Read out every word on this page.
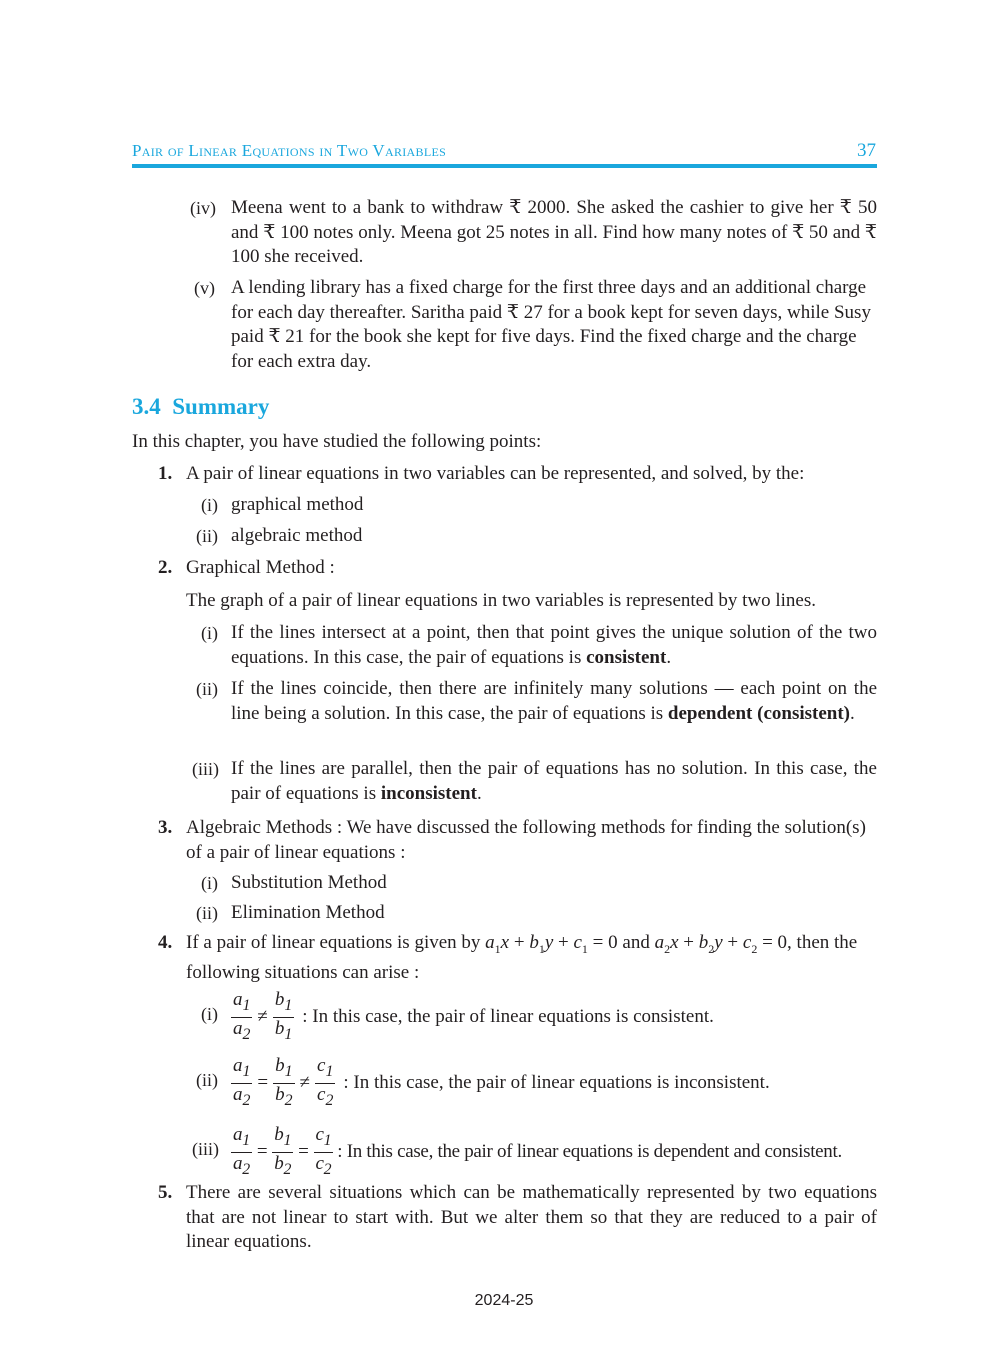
Pair of Linear Equations in Two Variables	37
(iv) Meena went to a bank to withdraw ₹ 2000. She asked the cashier to give her ₹ 50 and ₹ 100 notes only. Meena got 25 notes in all. Find how many notes of ₹ 50 and ₹ 100 she received.
(v) A lending library has a fixed charge for the first three days and an additional charge for each day thereafter. Saritha paid ₹ 27 for a book kept for seven days, while Susy paid ₹ 21 for the book she kept for five days. Find the fixed charge and the charge for each extra day.
3.4 Summary
In this chapter, you have studied the following points:
1. A pair of linear equations in two variables can be represented, and solved, by the:
(i) graphical method
(ii) algebraic method
2. Graphical Method :
The graph of a pair of linear equations in two variables is represented by two lines.
(i) If the lines intersect at a point, then that point gives the unique solution of the two equations. In this case, the pair of equations is consistent.
(ii) If the lines coincide, then there are infinitely many solutions — each point on the line being a solution. In this case, the pair of equations is dependent (consistent).
(iii) If the lines are parallel, then the pair of equations has no solution. In this case, the pair of equations is inconsistent.
3. Algebraic Methods : We have discussed the following methods for finding the solution(s) of a pair of linear equations :
(i) Substitution Method
(ii) Elimination Method
4. If a pair of linear equations is given by $a_1x + b_1y + c_1 = 0$ and $a_2x + b_2y + c_2 = 0$, then the following situations can arise :
$(i) \frac{a_1}{a_2} \ne \frac{b_1}{b_1}$ : In this case, the pair of linear equations is consistent.
$(ii) \frac{a_1}{a_2} = \frac{b_1}{b_2} \ne \frac{c_1}{c_2}$ : In this case, the pair of linear equations is inconsistent.
$(iii) \frac{a_1}{a_2} = \frac{b_1}{b_2} = \frac{c_1}{c_2}$ : In this case, the pair of linear equations is dependent and consistent.
5. There are several situations which can be mathematically represented by two equations that are not linear to start with. But we alter them so that they are reduced to a pair of linear equations.
2024-25
